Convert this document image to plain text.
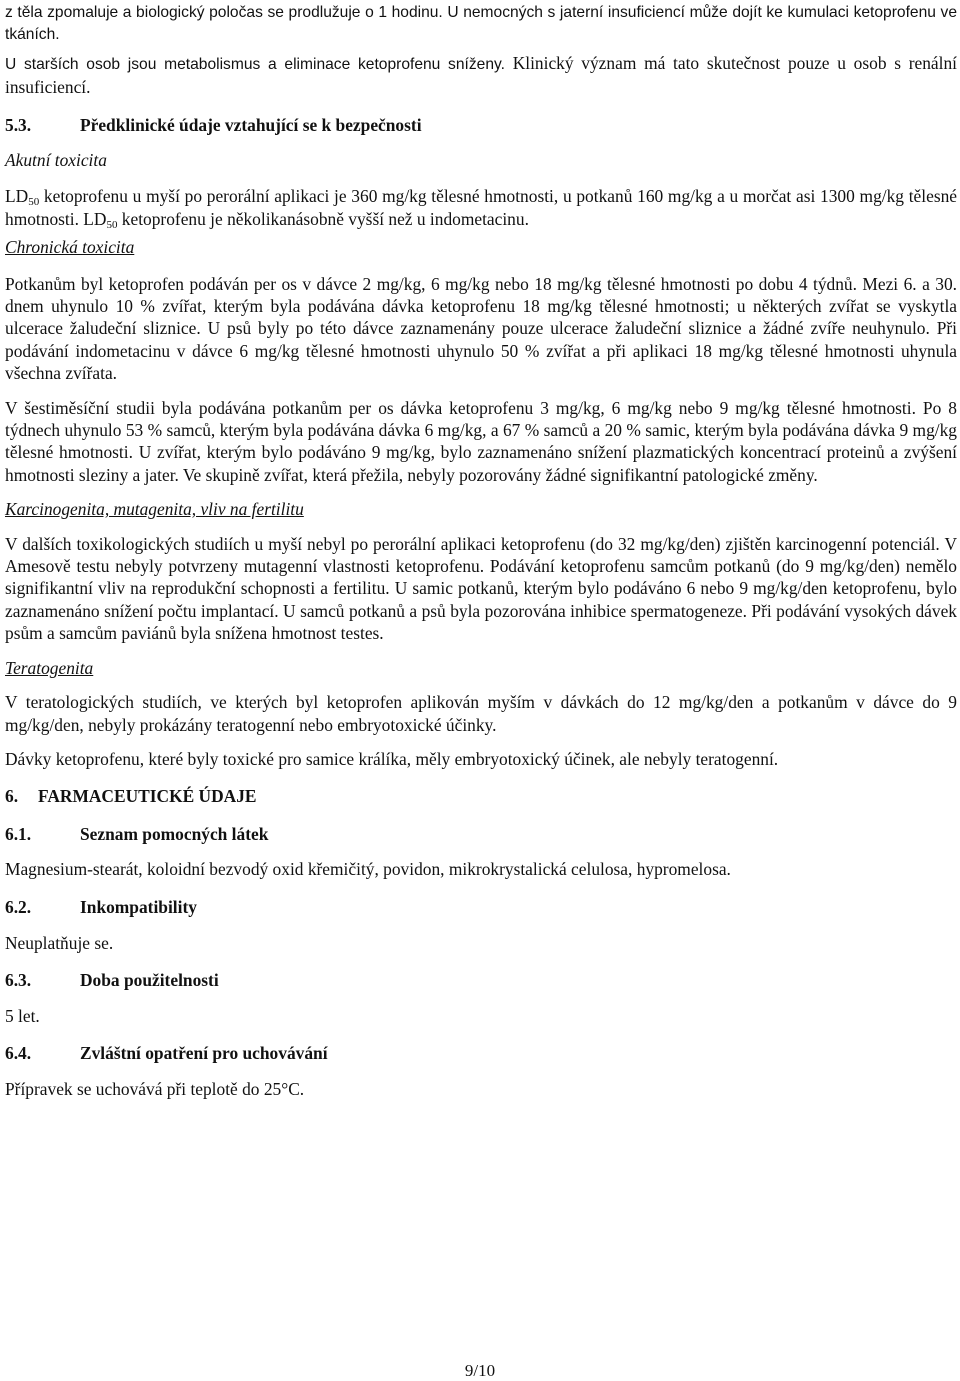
z těla zpomaluje a biologický poločas se prodlužuje o 1 hodinu. U nemocných s jaterní insuficiencí může dojít ke kumulaci ketoprofenu ve tkáních.

U starších osob jsou metabolismus a eliminace ketoprofenu sníženy. Klinický význam má tato skutečnost pouze u osob s renální insuficiencí.

5.3.	Předklinické údaje vztahující se k bezpečnosti

Akutní toxicita

$LD_{50}$ ketoprofenu u myší po perorální aplikaci je 360 mg/kg tělesné hmotnosti, u potkanů 160 mg/kg a u morčat asi 1300 mg/kg tělesné hmotnosti. $LD_{50}$ ketoprofenu je několikanásobně vyšší než u indometacinu.

Chronická toxicita

Potkanům byl ketoprofen podáván per os v dávce 2 mg/kg, 6 mg/kg nebo 18 mg/kg tělesné hmotnosti po dobu 4 týdnů. Mezi 6. a 30. dnem uhynulo 10 % zvířat, kterým byla podávána dávka ketoprofenu 18 mg/kg tělesné hmotnosti; u některých zvířat se vyskytla ulcerace žaludeční sliznice. U psů byly po této dávce zaznamenány pouze ulcerace žaludeční sliznice a žádné zvíře neuhynulo. Při podávání indometacinu v dávce 6 mg/kg tělesné hmotnosti uhynulo 50 % zvířat a při aplikaci 18 mg/kg tělesné hmotnosti uhynula všechna zvířata.

V šestiměsíční studii byla podávána potkanům per os dávka ketoprofenu 3 mg/kg, 6 mg/kg nebo 9 mg/kg tělesné hmotnosti. Po 8 týdnech uhynulo 53 % samců, kterým byla podávána dávka 6 mg/kg, a 67 % samců a 20 % samic, kterým byla podávána dávka 9 mg/kg tělesné hmotnosti. U zvířat, kterým bylo podáváno 9 mg/kg, bylo zaznamenáno snížení plazmatických koncentrací proteinů a zvýšení hmotnosti sleziny a jater. Ve skupině zvířat, která přežila, nebyly pozorovány žádné signifikantní patologické změny.

Karcinogenita, mutagenita, vliv na fertilitu

V dalších toxikologických studiích u myší nebyl po perorální aplikaci ketoprofenu (do 32 mg/kg/den) zjištěn karcinogenní potenciál. V Amesově testu nebyly potvrzeny mutagenní vlastnosti ketoprofenu. Podávání ketoprofenu samcům potkanů (do 9 mg/kg/den) nemělo signifikantní vliv na reprodukční schopnosti a fertilitu. U samic potkanů, kterým bylo podáváno 6 nebo 9 mg/kg/den ketoprofenu, bylo zaznamenáno snížení počtu implantací. U samců potkanů a psů byla pozorována inhibice spermatogeneze. Při podávání vysokých dávek psům a samcům paviánů byla snížena hmotnost testes.

Teratogenita

V teratologických studiích, ve kterých byl ketoprofen aplikován myším v dávkách do 12 mg/kg/den a potkanům v dávce do 9 mg/kg/den, nebyly prokázány teratogenní nebo embryotoxické účinky.

Dávky ketoprofenu, které byly toxické pro samice králíka, měly embryotoxický účinek, ale nebyly teratogenní.

6. FARMACEUTICKÉ ÚDAJE

6.1.	Seznam pomocných látek

Magnesium-stearát, koloidní bezvodý oxid křemičitý, povidon, mikrokrystalická celulosa, hypromelosa.

6.2.	Inkompatibility

Neuplatňuje se.

6.3.	Doba použitelnosti

5 let.

6.4.	Zvláštní opatření pro uchovávání

Přípravek se uchovává při teplotě do 25°C.

9/10
